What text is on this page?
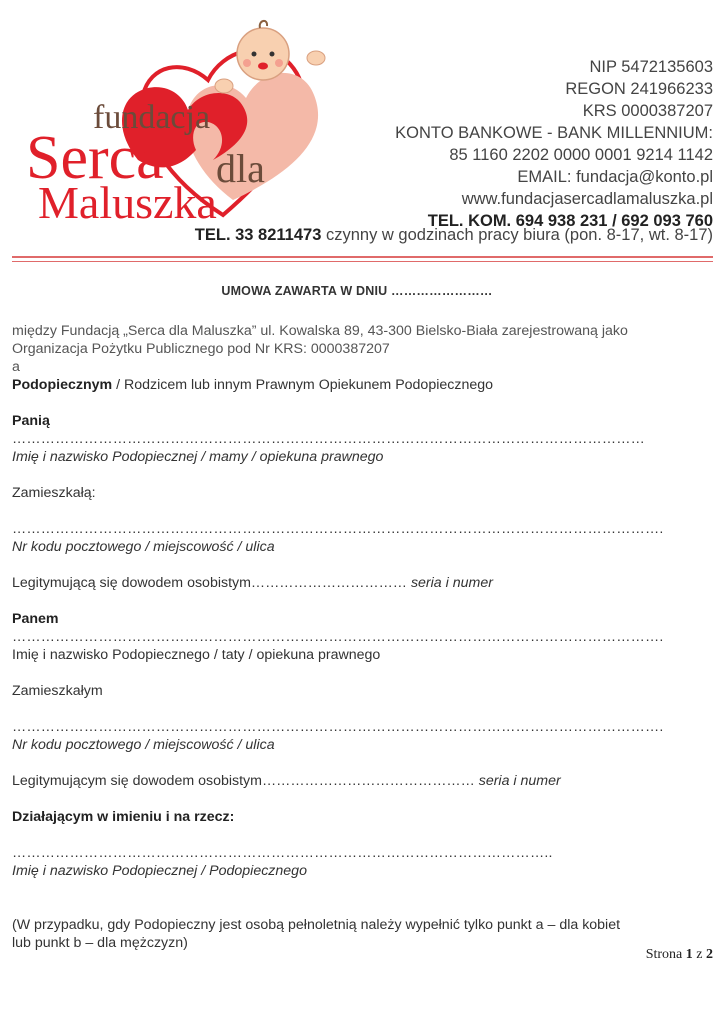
fundacja
Serca dla
Maluszka
NIP 5472135603
REGON 241966233
KRS 0000387207
KONTO BANKOWE - BANK MILLENNIUM:
85 1160 2202 0000 0001 9214 1142
EMAIL: fundacja@konto.pl
www.fundacjasercadlamaluszka.pl
TEL. KOM. 694 938 231 / 692 093 760
TEL. 33 8211473 czynny w godzinach pracy biura (pon. 8-17, wt. 8-17)

UMOWA ZAWARTA W DNIU ……………………

między Fundacją „Serca dla Maluszka” ul. Kowalska 89, 43-300 Bielsko-Biała zarejestrowaną jako

Organizacja Pożytku Publicznego pod Nr KRS: 0000387207

a

Podopiecznym / Rodzicem lub innym Prawnym Opiekunem Podopiecznego

Panią

……………………………………………………………………………………………………………………

Imię i nazwisko Podopiecznej / mamy / opiekuna prawnego

Zamieszkałą:

……………………………………………………………………………………………………………………….

Nr kodu pocztowego / miejscowość / ulica

Legitymującą się dowodem osobistym…………………………… seria i numer

Panem

……………………………………………………………………………………………………………………….

Imię i nazwisko Podopiecznego / taty / opiekuna prawnego

Zamieszkałym

……………………………………………………………………………………………………………………….

Nr kodu pocztowego / miejscowość / ulica

Legitymującym się dowodem osobistym……………………………………… seria i numer

Działającym w imieniu i na rzecz:

…………………………………………………………………………………………………..

Imię i nazwisko Podopiecznej / Podopiecznego

(W przypadku, gdy Podopieczny jest osobą pełnoletnią należy wypełnić tylko punkt a – dla kobiet

lub punkt b – dla mężczyzn)

Strona 1 z 2
